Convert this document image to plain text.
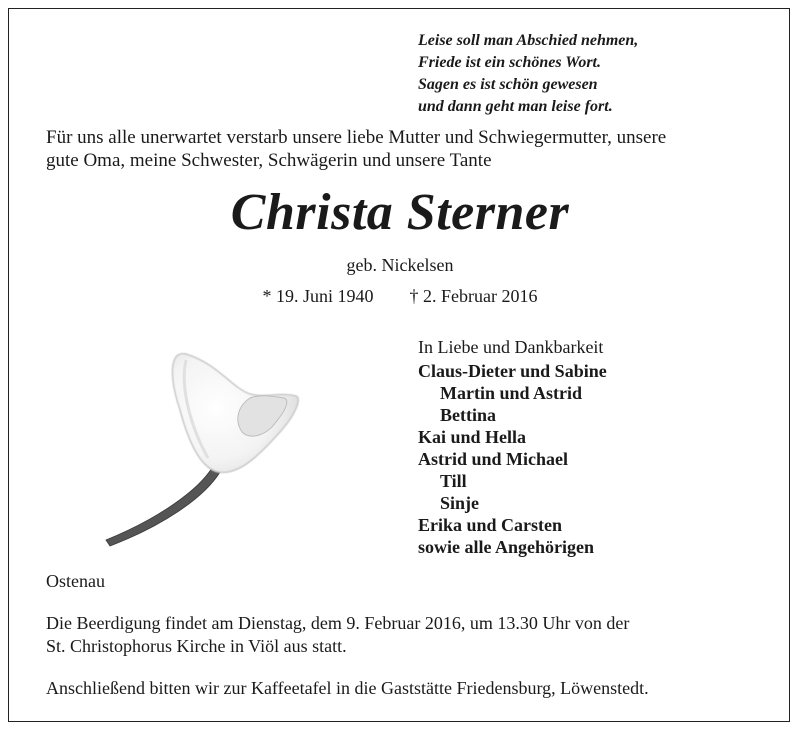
Leise soll man Abschied nehmen,
Friede ist ein schönes Wort.
Sagen es ist schön gewesen
und dann geht man leise fort.
Für uns alle unerwartet verstarb unsere liebe Mutter und Schwiegermutter, unsere
gute Oma, meine Schwester, Schwägerin und unsere Tante
Christa Sterner
geb. Nickelsen
* 19. Juni 1940 † 2. Februar 2016
In Liebe und Dankbarkeit
Claus-Dieter und Sabine
Martin und Astrid
Bettina
Kai und Hella
Astrid und Michael
Till
Sinje
Erika und Carsten
sowie alle Angehörigen
Ostenau
Die Beerdigung findet am Dienstag, dem 9. Februar 2016, um 13.30 Uhr von der
St. Christophorus Kirche in Viöl aus statt.
Anschließend bitten wir zur Kaffeetafel in die Gaststätte Friedensburg, Löwenstedt.
